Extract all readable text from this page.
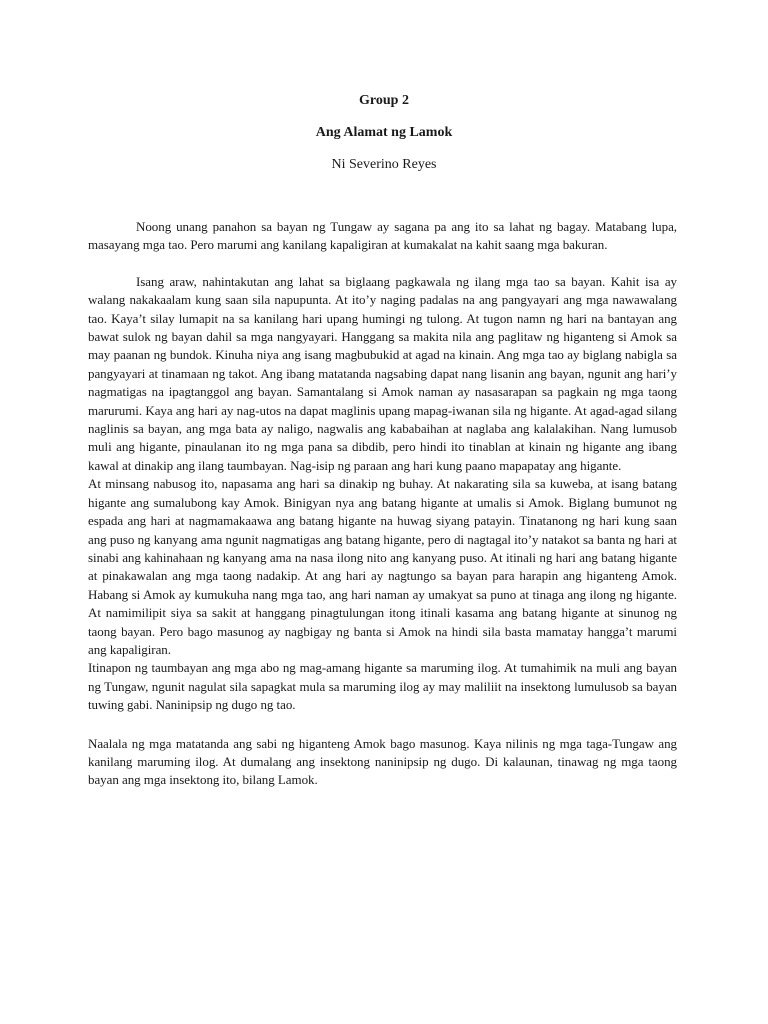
Group 2
Ang Alamat ng Lamok
Ni Severino Reyes

Noong unang panahon sa bayan ng Tungaw ay sagana pa ang ito sa lahat ng bagay. Matabang lupa, masayang mga tao. Pero marumi ang kanilang kapaligiran at kumakalat na kahit saang mga bakuran.

Isang araw, nahintakutan ang lahat sa biglaang pagkawala ng ilang mga tao sa bayan. Kahit isa ay walang nakakaalam kung saan sila napupunta. At ito’y naging padalas na ang pangyayari ang mga nawawalang tao. Kaya’t silay lumapit na sa kanilang hari upang humingi ng tulong. At tugon namn ng hari na bantayan ang bawat sulok ng bayan dahil sa mga nangyayari. Hanggang sa makita nila ang paglitaw ng higanteng si Amok sa may paanan ng bundok. Kinuha niya ang isang magbubukid at agad na kinain. Ang mga tao ay biglang nabigla sa pangyayari at tinamaan ng takot. Ang ibang matatanda nagsabing dapat nang lisanin ang bayan, ngunit ang hari’y nagmatigas na ipagtanggol ang bayan. Samantalang si Amok naman ay nasasarapan sa pagkain ng mga taong marurumi. Kaya ang hari ay nag-utos na dapat maglinis upang mapag-iwanan sila ng higante. At agad-agad silang naglinis sa bayan, ang mga bata ay naligo, nagwalis ang kababaihan at naglaba ang kalalakihan. Nang lumusob muli ang higante, pinaulanan ito ng mga pana sa dibdib, pero hindi ito tinablan at kinain ng higante ang ibang kawal at dinakip ang ilang taumbayan. Nag-isip ng paraan ang hari kung paano mapapatay ang higante.

At minsang nabusog ito, napasama ang hari sa dinakip ng buhay. At nakarating sila sa kuweba, at isang batang higante ang sumalubong kay Amok. Binigyan nya ang batang higante at umalis si Amok. Biglang bumunot ng espada ang hari at nagmamakaawa ang batang higante na huwag siyang patayin. Tinatanong ng hari kung saan ang puso ng kanyang ama ngunit nagmatigas ang batang higante, pero di nagtagal ito’y natakot sa banta ng hari at sinabi ang kahinahaan ng kanyang ama na nasa ilong nito ang kanyang puso. At itinali ng hari ang batang higante at pinakawalan ang mga taong nadakip. At ang hari ay nagtungo sa bayan para harapin ang higanteng Amok. Habang si Amok ay kumukuha nang mga tao, ang hari naman ay umakyat sa puno at tinaga ang ilong ng higante. At namimilipit siya sa sakit at hanggang pinagtulungan itong itinali kasama ang batang higante at sinunog ng taong bayan. Pero bago masunog ay nagbigay ng banta si Amok na hindi sila basta mamatay hangga’t marumi ang kapaligiran.

Itinapon ng taumbayan ang mga abo ng mag-amang higante sa maruming ilog. At tumahimik na muli ang bayan ng Tungaw, ngunit nagulat sila sapagkat mula sa maruming ilog ay may maliliit na insektong lumulusob sa bayan tuwing gabi. Naninipsip ng dugo ng tao.

Naalala ng mga matatanda ang sabi ng higanteng Amok bago masunog. Kaya nilinis ng mga taga-Tungaw ang kanilang maruming ilog. At dumalang ang insektong naninipsip ng dugo. Di kalaunan, tinawag ng mga taong bayan ang mga insektong ito, bilang Lamok.
